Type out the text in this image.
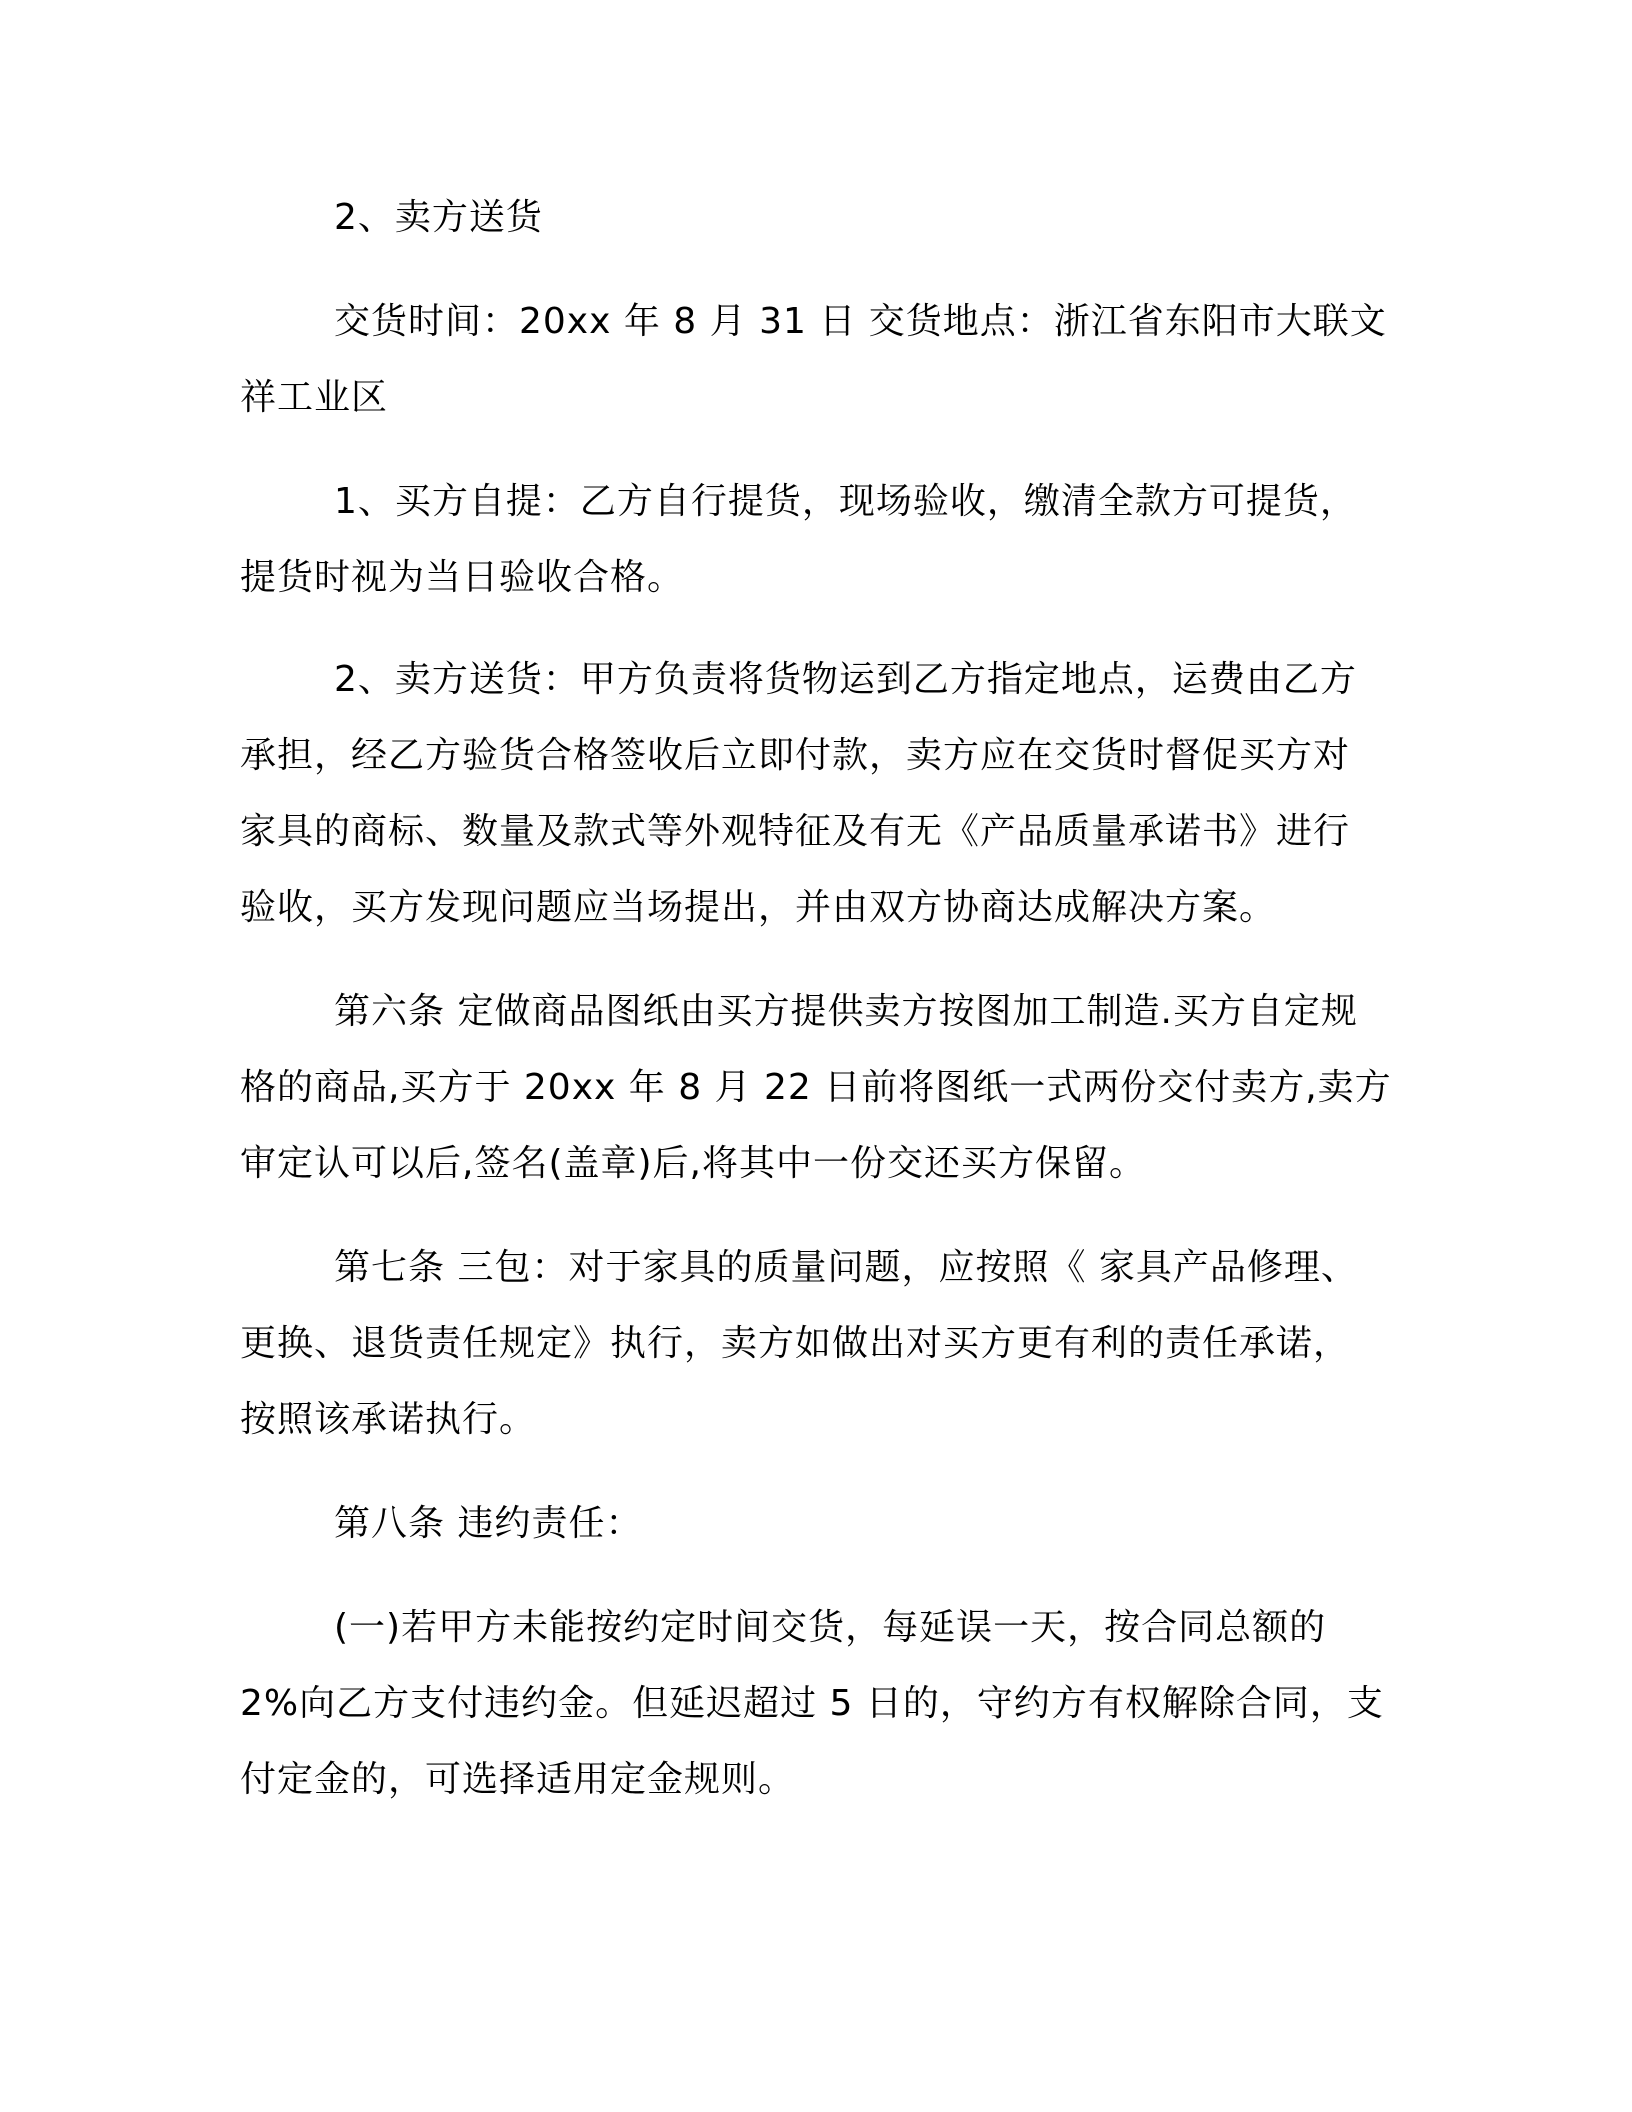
2、卖方送货
交货时间：20xx 年 8 月 31 日 交货地点：浙江省东阳市大联文
祥工业区
1、买方自提：乙方自行提货，现场验收，缴清全款方可提货，
提货时视为当日验收合格。
2、卖方送货：甲方负责将货物运到乙方指定地点，运费由乙方
承担，经乙方验货合格签收后立即付款，卖方应在交货时督促买方对
家具的商标、数量及款式等外观特征及有无《产品质量承诺书》进行
验收，买方发现问题应当场提出，并由双方协商达成解决方案。
第六条 定做商品图纸由买方提供卖方按图加工制造.买方自定规
格的商品,买方于 20xx 年 8 月 22 日前将图纸一式两份交付卖方,卖方
审定认可以后,签名(盖章)后,将其中一份交还买方保留。
第七条 三包：对于家具的质量问题，应按照《 家具产品修理、
更换、退货责任规定》执行，卖方如做出对买方更有利的责任承诺，
按照该承诺执行。
第八条 违约责任：
(一)若甲方未能按约定时间交货，每延误一天，按合同总额的
2%向乙方支付违约金。但延迟超过 5 日的，守约方有权解除合同，支
付定金的，可选择适用定金规则。
